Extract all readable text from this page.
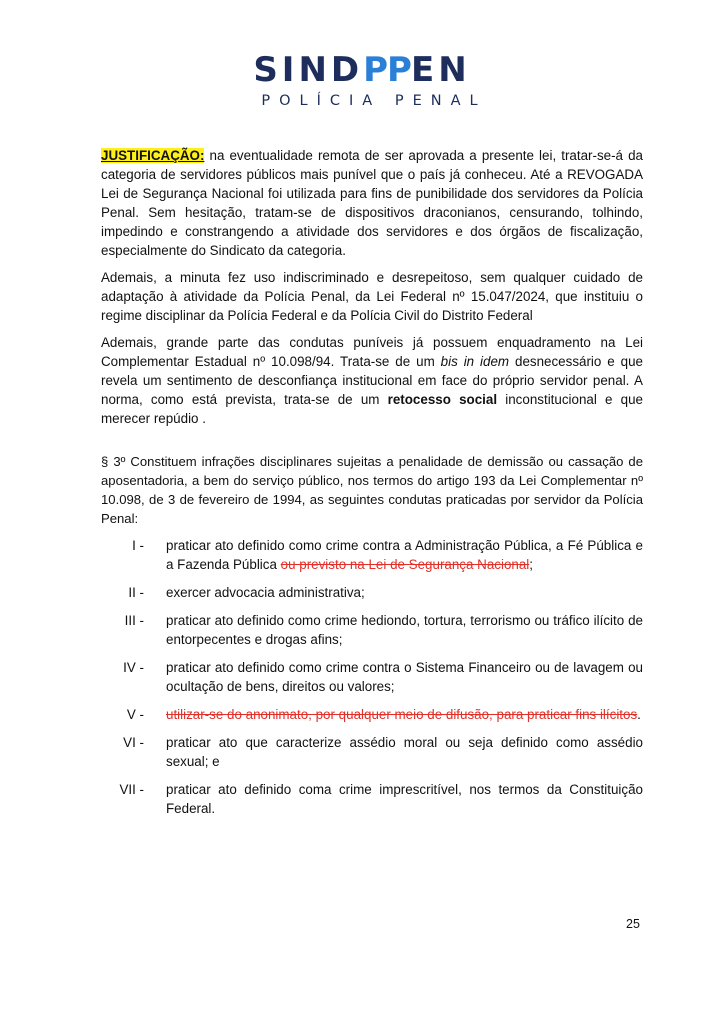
SINDPPEN
POLÍCIA PENAL

JUSTIFICAÇÃO: na eventualidade remota de ser aprovada a presente lei, tratar-se-á da categoria de servidores públicos mais punível que o país já conheceu. Até a REVOGADA Lei de Segurança Nacional foi utilizada para fins de punibilidade dos servidores da Polícia Penal. Sem hesitação, tratam-se de dispositivos draconianos, censurando, tolhindo, impedindo e constrangendo a atividade dos servidores e dos órgãos de fiscalização, especialmente do Sindicato da categoria.

Ademais, a minuta fez uso indiscriminado e desrepeitoso, sem qualquer cuidado de adaptação à atividade da Polícia Penal, da Lei Federal nº 15.047/2024, que instituiu o regime disciplinar da Polícia Federal e da Polícia Civil do Distrito Federal

Ademais, grande parte das condutas puníveis já possuem enquadramento na Lei Complementar Estadual nº 10.098/94. Trata-se de um bis in idem desnecessário e que revela um sentimento de desconfiança institucional em face do próprio servidor penal. A norma, como está prevista, trata-se de um retocesso social inconstitucional e que merecer repúdio .

§ 3º Constituem infrações disciplinares sujeitas a penalidade de demissão ou cassação de aposentadoria, a bem do serviço público, nos termos do artigo 193 da Lei Complementar nº 10.098, de 3 de fevereiro de 1994, as seguintes condutas praticadas por servidor da Polícia Penal:

I - praticar ato definido como crime contra a Administração Pública, a Fé Pública e a Fazenda Pública ou previsto na Lei de Segurança Nacional;
II - exercer advocacia administrativa;
III - praticar ato definido como crime hediondo, tortura, terrorismo ou tráfico ilícito de entorpecentes e drogas afins;
IV - praticar ato definido como crime contra o Sistema Financeiro ou de lavagem ou ocultação de bens, direitos ou valores;
V - utilizar-se do anonimato, por qualquer meio de difusão, para praticar fins ilícitos.
VI - praticar ato que caracterize assédio moral ou seja definido como assédio sexual; e
VII - praticar ato definido coma crime imprescritível, nos termos da Constituição Federal.
25
